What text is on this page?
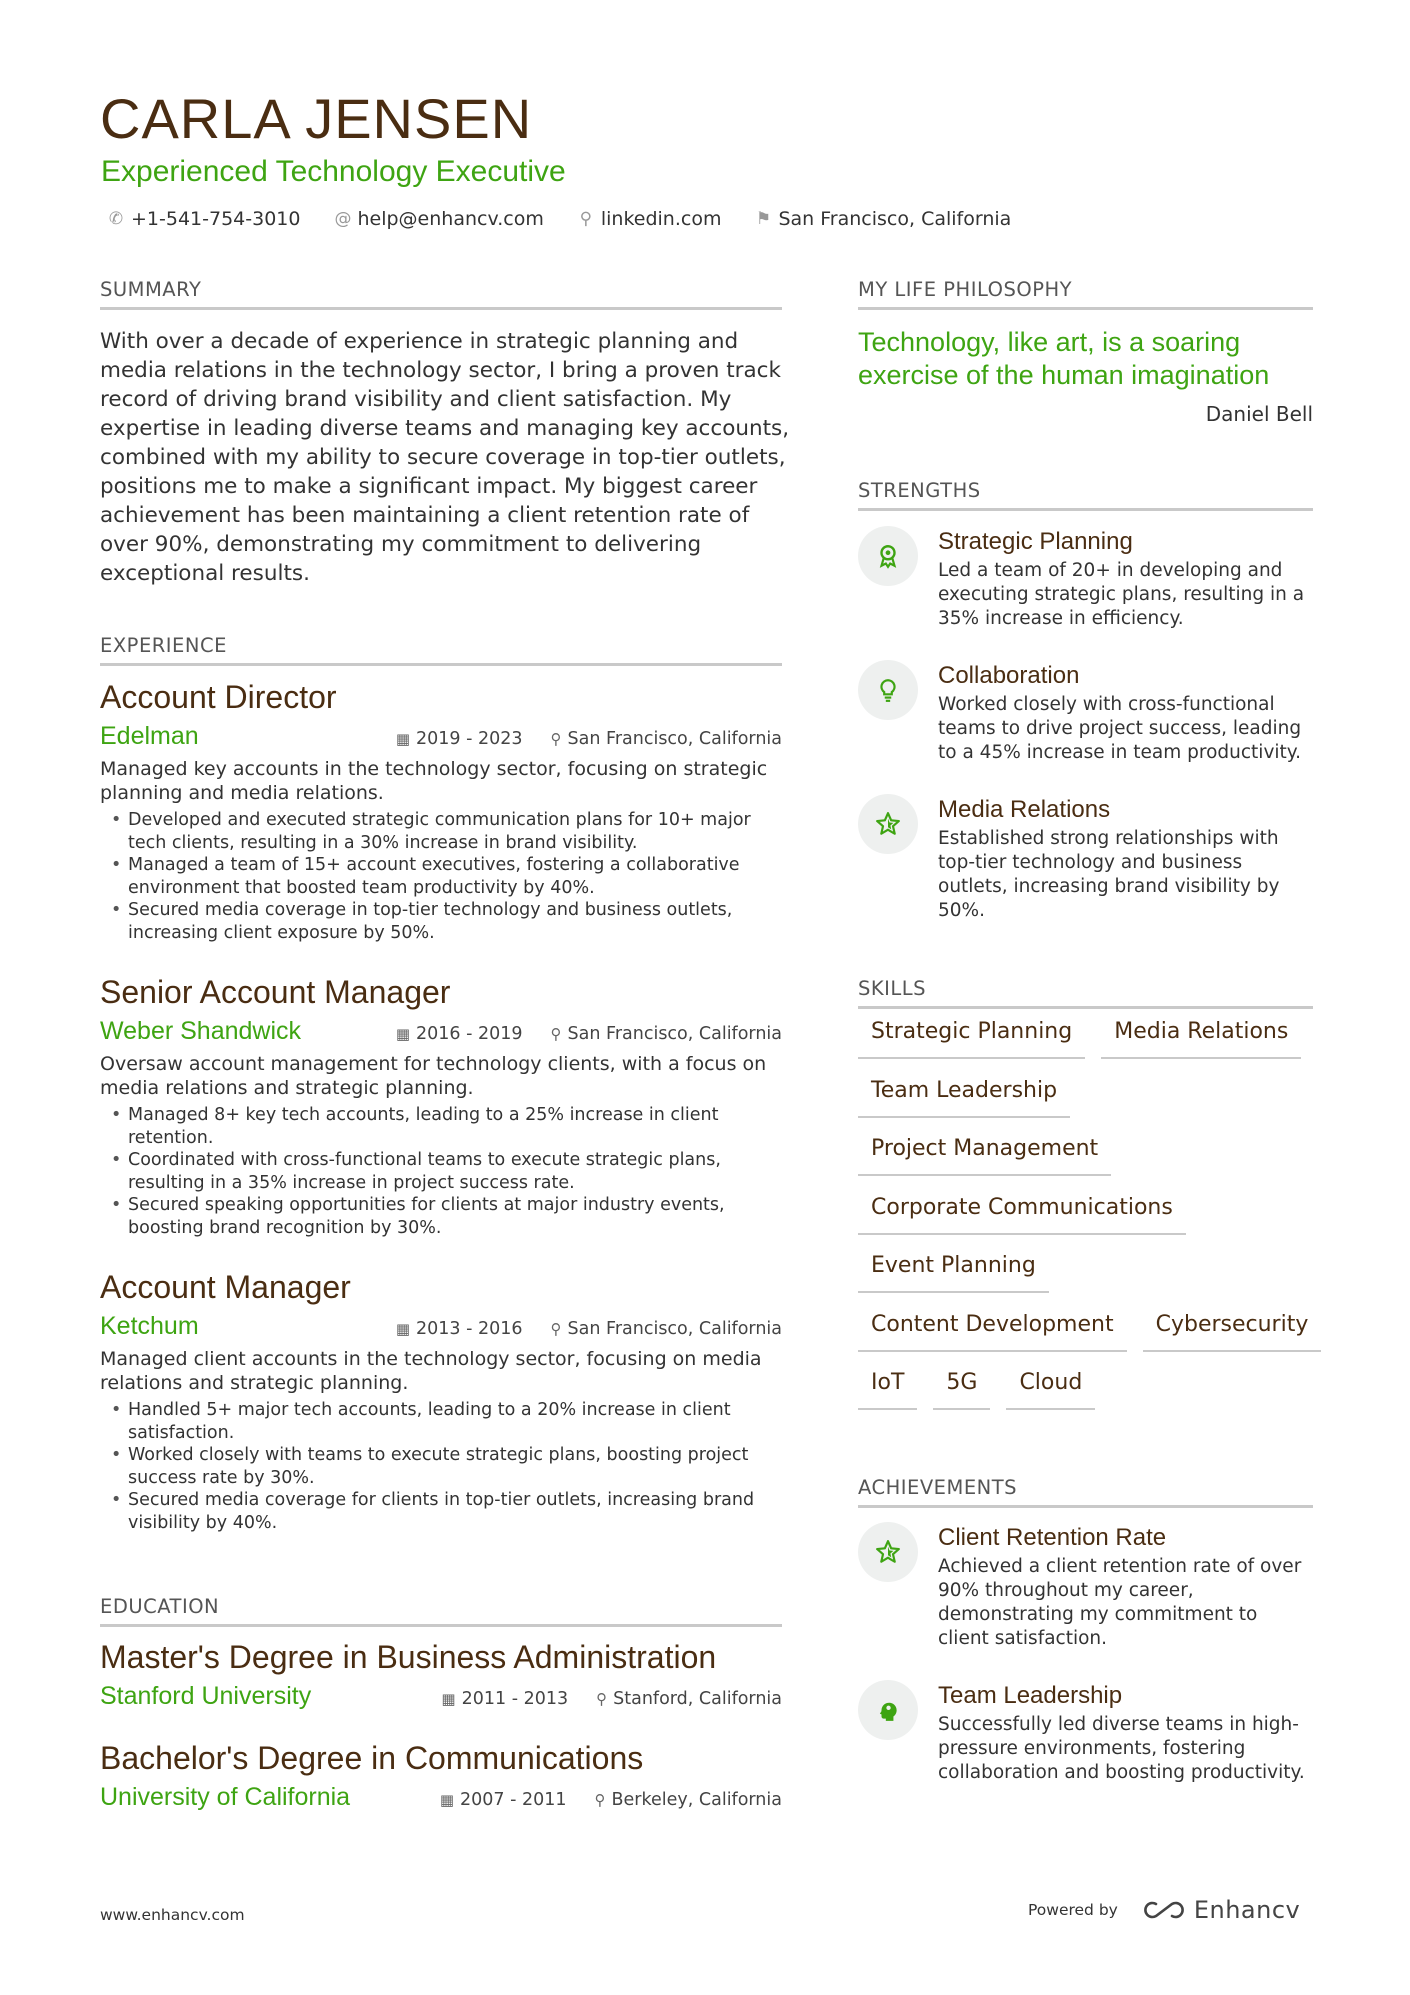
CARLA JENSEN
Experienced Technology Executive
✆ +1-541-754-3010 @ help@enhancv.com ⚲ linkedin.com ⚑ San Francisco, California
SUMMARY
With over a decade of experience in strategic planning and media relations in the technology sector, I bring a proven track record of driving brand visibility and client satisfaction. My expertise in leading diverse teams and managing key accounts, combined with my ability to secure coverage in top-tier outlets, positions me to make a significant impact. My biggest career achievement has been maintaining a client retention rate of over 90%, demonstrating my commitment to delivering exceptional results.
EXPERIENCE
Account Director
Edelman	▦ 2019 - 2023 ⚲ San Francisco, California
Managed key accounts in the technology sector, focusing on strategic planning and media relations.
• Developed and executed strategic communication plans for 10+ major tech clients, resulting in a 30% increase in brand visibility.
• Managed a team of 15+ account executives, fostering a collaborative environment that boosted team productivity by 40%.
• Secured media coverage in top-tier technology and business outlets, increasing client exposure by 50%.
Senior Account Manager
Weber Shandwick	▦ 2016 - 2019 ⚲ San Francisco, California
Oversaw account management for technology clients, with a focus on media relations and strategic planning.
• Managed 8+ key tech accounts, leading to a 25% increase in client retention.
• Coordinated with cross-functional teams to execute strategic plans, resulting in a 35% increase in project success rate.
• Secured speaking opportunities for clients at major industry events, boosting brand recognition by 30%.
Account Manager
Ketchum	▦ 2013 - 2016 ⚲ San Francisco, California
Managed client accounts in the technology sector, focusing on media relations and strategic planning.
• Handled 5+ major tech accounts, leading to a 20% increase in client satisfaction.
• Worked closely with teams to execute strategic plans, boosting project success rate by 30%.
• Secured media coverage for clients in top-tier outlets, increasing brand visibility by 40%.
EDUCATION
Master's Degree in Business Administration
Stanford University	▦ 2011 - 2013 ⚲ Stanford, California
Bachelor's Degree in Communications
University of California	▦ 2007 - 2011 ⚲ Berkeley, California
MY LIFE PHILOSOPHY
Technology, like art, is a soaring exercise of the human imagination
Daniel Bell
STRENGTHS
Strategic Planning
Led a team of 20+ in developing and executing strategic plans, resulting in a 35% increase in efficiency.
Collaboration
Worked closely with cross-functional teams to drive project success, leading to a 45% increase in team productivity.
Media Relations
Established strong relationships with top-tier technology and business outlets, increasing brand visibility by 50%.
SKILLS
Strategic Planning	Media Relations
Team Leadership
Project Management
Corporate Communications
Event Planning
Content Development	Cybersecurity
IoT	5G	Cloud
ACHIEVEMENTS
Client Retention Rate
Achieved a client retention rate of over 90% throughout my career, demonstrating my commitment to client satisfaction.
Team Leadership
Successfully led diverse teams in high-pressure environments, fostering collaboration and boosting productivity.
www.enhancv.com	Powered by	Enhancv
